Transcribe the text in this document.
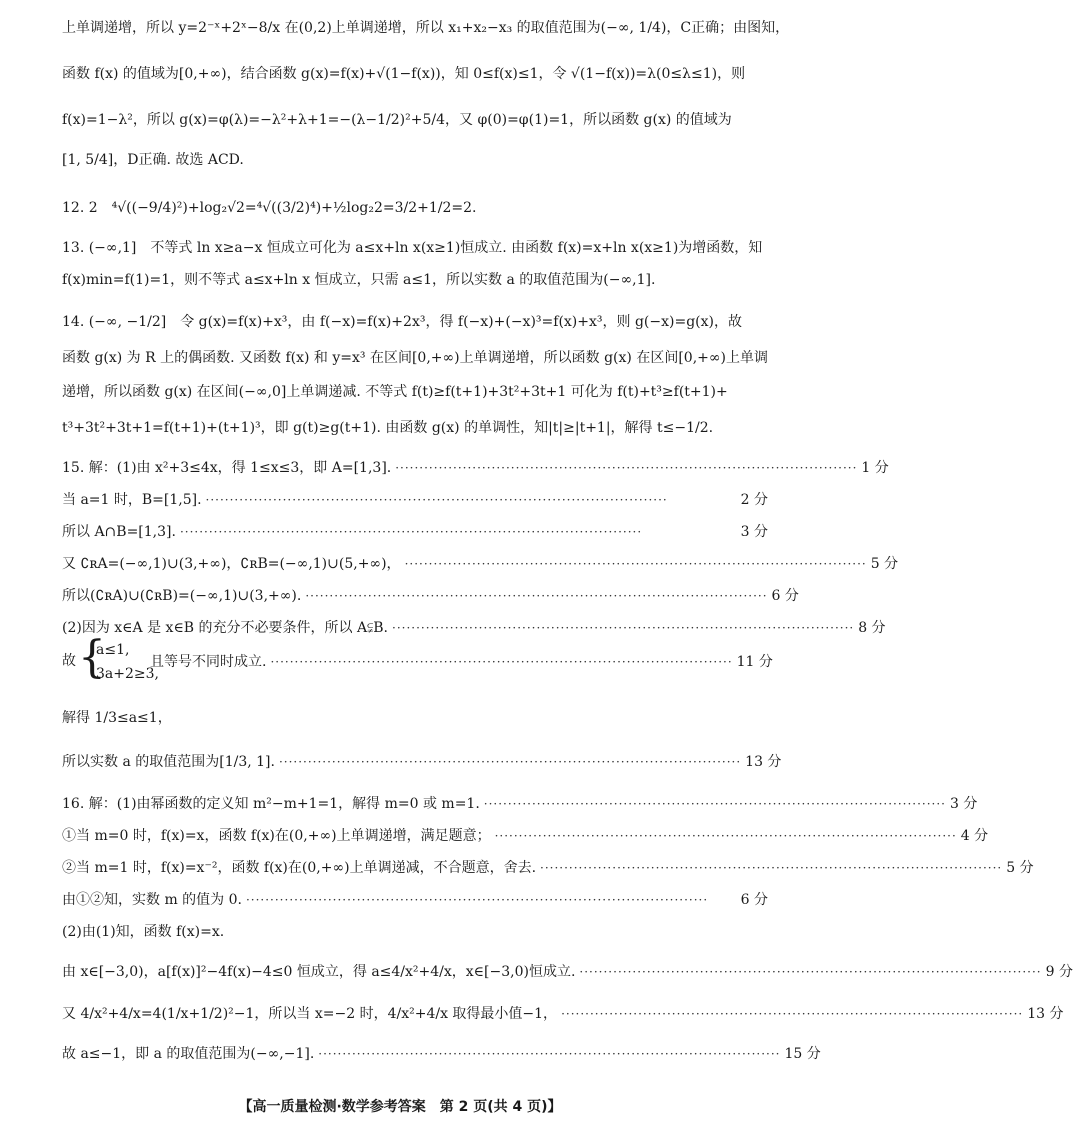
上单调递增，所以 y=2⁻ˣ+2ˣ−8/x 在(0,2)上单调递增，所以 x₁+x₂−x₃ 的取值范围为(−∞, 1/4)，C正确；由图知，
函数 f(x) 的值域为[0,+∞)，结合函数 g(x)=f(x)+√(1−f(x))，知 0≤f(x)≤1，令 √(1−f(x))=λ(0≤λ≤1)，则
f(x)=1−λ²，所以 g(x)=φ(λ)=−λ²+λ+1=−(λ−1/2)²+5/4，又 φ(0)=φ(1)=1，所以函数 g(x) 的值域为
[1, 5/4]，D正确. 故选 ACD.
12. 2　⁴√((−9/4)²)+log₂√2=⁴√((3/2)⁴)+½log₂2=3/2+1/2=2.
13. (−∞,1]　不等式 ln x≥a−x 恒成立可化为 a≤x+ln x(x≥1)恒成立. 由函数 f(x)=x+ln x(x≥1)为增函数，知
f(x)min=f(1)=1，则不等式 a≤x+ln x 恒成立，只需 a≤1，所以实数 a 的取值范围为(−∞,1].
14. (−∞, −1/2]　令 g(x)=f(x)+x³，由 f(−x)=f(x)+2x³，得 f(−x)+(−x)³=f(x)+x³，则 g(−x)=g(x)，故
函数 g(x) 为 R 上的偶函数. 又函数 f(x) 和 y=x³ 在区间[0,+∞)上单调递增，所以函数 g(x) 在区间[0,+∞)上单调
递增，所以函数 g(x) 在区间(−∞,0]上单调递减. 不等式 f(t)≥f(t+1)+3t²+3t+1 可化为 f(t)+t³≥f(t+1)+
t³+3t²+3t+1=f(t+1)+(t+1)³，即 g(t)≥g(t+1). 由函数 g(x) 的单调性，知|t|≥|t+1|，解得 t≤−1/2.
15. 解：(1)由 x²+3≤4x，得 1≤x≤3，即 A=[1,3]. ································································································ 1 分
当 a=1 时，B=[1,5]. ································································································	2 分
所以 A∩B=[1,3]. ································································································	3 分
又 ∁ʀA=(−∞,1)∪(3,+∞)，∁ʀB=(−∞,1)∪(5,+∞)， ································································································ 5 分
所以(∁ʀA)∪(∁ʀB)=(−∞,1)∪(3,+∞). ································································································ 6 分
(2)因为 x∈A 是 x∈B 的充分不必要条件，所以 A⫋B. ································································································ 8 分
故 {
a≤1,
3a+2≥3,
且等号不同时成立. ································································································ 11 分
解得 1/3≤a≤1，
所以实数 a 的取值范围为[1/3, 1]. ································································································ 13 分
16. 解：(1)由幂函数的定义知 m²−m+1=1，解得 m=0 或 m=1. ································································································ 3 分
①当 m=0 时，f(x)=x，函数 f(x)在(0,+∞)上单调递增，满足题意； ································································································ 4 分
②当 m=1 时，f(x)=x⁻²，函数 f(x)在(0,+∞)上单调递减，不合题意，舍去. ································································································ 5 分
由①②知，实数 m 的值为 0. ································································································	6 分
(2)由(1)知，函数 f(x)=x.
由 x∈[−3,0)，a[f(x)]²−4f(x)−4≤0 恒成立，得 a≤4/x²+4/x，x∈[−3,0)恒成立. ································································································ 9 分
又 4/x²+4/x=4(1/x+1/2)²−1，所以当 x=−2 时，4/x²+4/x 取得最小值−1， ································································································ 13 分
故 a≤−1，即 a 的取值范围为(−∞,−1]. ································································································ 15 分
【高一质量检测·数学参考答案　第 2 页(共 4 页)】
